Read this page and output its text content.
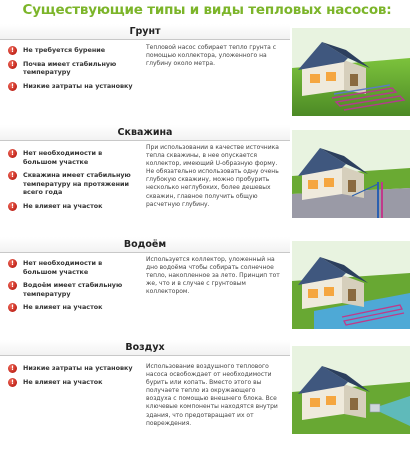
Существующие типы и виды тепловых насосов:
Грунт
!	Не требуется бурение
!	Почва имеет стабильную температуру
!	Низкие затраты на установку
Тепловой насос собирает тепло грунта с помощью коллектора, уложенного на глубину около метра.
Скважина
!	Нет необходимости в большом участке
!	Скважина имеет стабильную температуру на протяжении всего года
!	Не влияет на участок
При использовании в качестве источника тепла скважины, в нее опускается коллектор, имеющий U-образную форму. Не обязательно использовать одну очень глубокую скважину, можно пробурить несколько неглубоких, более дешевых скважин, главное получить общую расчетную глубину.
Водоём
!	Нет необходимости в большом участке
!	Водоём имеет стабильную температуру
!	Не влияет на участок
Используется коллектор, уложенный на дно водоёма чтобы собирать солнечное тепло, накопленное за лето. Принцип тот же, что и в случае с грунтовым коллектором.
Воздух
!	Низкие затраты на установку
!	Не влияет на участок
Использование воздушного теплового насоса освобождает от необходимости бурить или копать. Вместо этого вы получаете тепло из окружающего воздуха с помощью внешнего блока. Все ключевые компоненты находятся внутри здания, что предотвращает их от повреждения.
